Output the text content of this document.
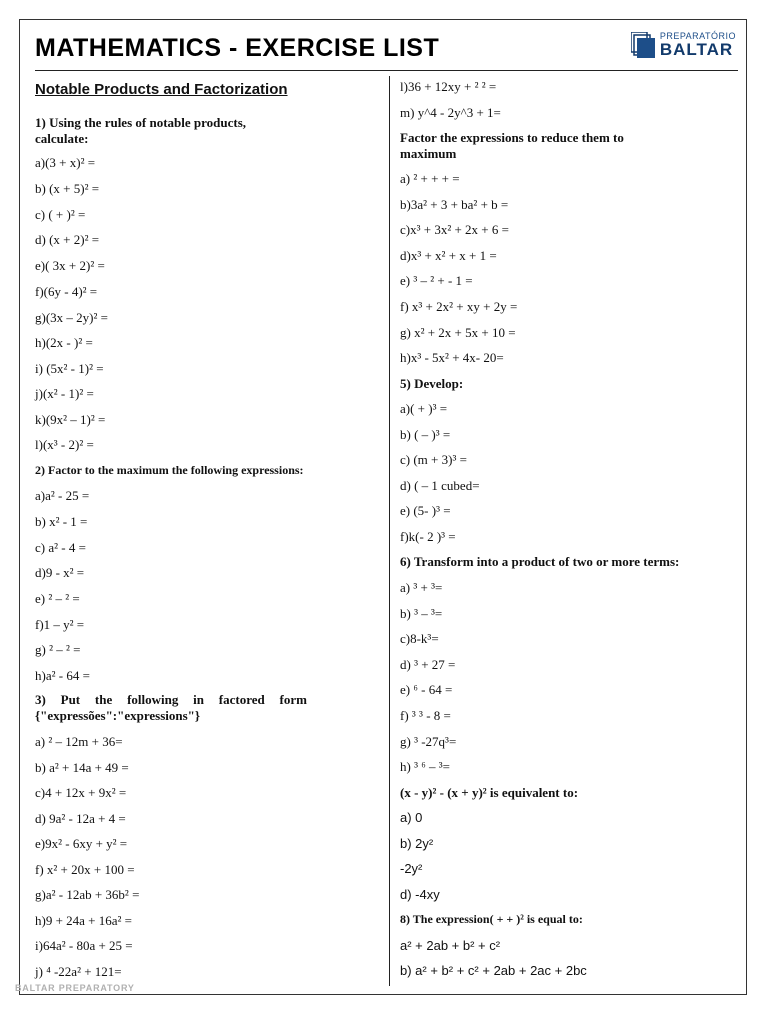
MATHEMATICS - EXERCISE LIST	PREPARATÓRIO
BALTAR
Notable Products and Factorization
1) Using the rules of notable products,
calculate:
a)(3 + x)² =
b) (x + 5)² =
c) ( + )² =
d) (x + 2)² =
e)( 3x + 2)² =
f)(6y - 4)² =
g)(3x – 2y)² =
h)(2x - )² =
i) (5x² - 1)² =
j)(x² - 1)² =
k)(9x² – 1)² =
l)(x³ - 2)² =
2) Factor to the maximum the following expressions:
a)a² - 25 =
b) x² - 1 =
c) a² - 4 =
d)9 - x² =
e) ² – ² =
f)1 – y² =
g) ² – ² =
h)a² - 64 =
3) Put the following in factored form
{"expressões":"expressions"}
a) ² – 12m + 36=
b) a² + 14a + 49 =
c)4 + 12x + 9x² =
d) 9a² - 12a + 4 =
e)9x² - 6xy + y² =
f) x² + 20x + 100 =
g)a² - 12ab + 36b² =
h)9 + 24a + 16a² =
i)64a² - 80a + 25 =
j) ⁴ -22a² + 121=
l)36 + 12xy + ² ² =
m) y^4 - 2y^3 + 1=
Factor the expressions to reduce them to
maximum
a) ² + + + =
b)3a² + 3 + ba² + b =
c)x³ + 3x² + 2x + 6 =
d)x³ + x² + x + 1 =
e) ³ – ² + - 1 =
f) x³ + 2x² + xy + 2y =
g) x² + 2x + 5x + 10 =
h)x³ - 5x² + 4x- 20=
5) Develop:
a)( + )³ =
b) ( – )³ =
c) (m + 3)³ =
d) ( – 1 cubed=
e) (5- )³ =
f)k(- 2 )³ =
6) Transform into a product of two or more terms:
a) ³ + ³=
b) ³ – ³=
c)8-k³=
d) ³ + 27 =
e) ⁶ - 64 =
f) ³ ³ - 8 =
g) ³ -27q³=
h) ³ ⁶ – ³=
(x - y)² - (x + y)² is equivalent to:
a) 0
b) 2y²
-2y²
d) -4xy
8) The expression( + + )² is equal to:
a² + 2ab + b² + c²
b) a² + b² + c² + 2ab + 2ac + 2bc
BALTAR PREPARATORY
